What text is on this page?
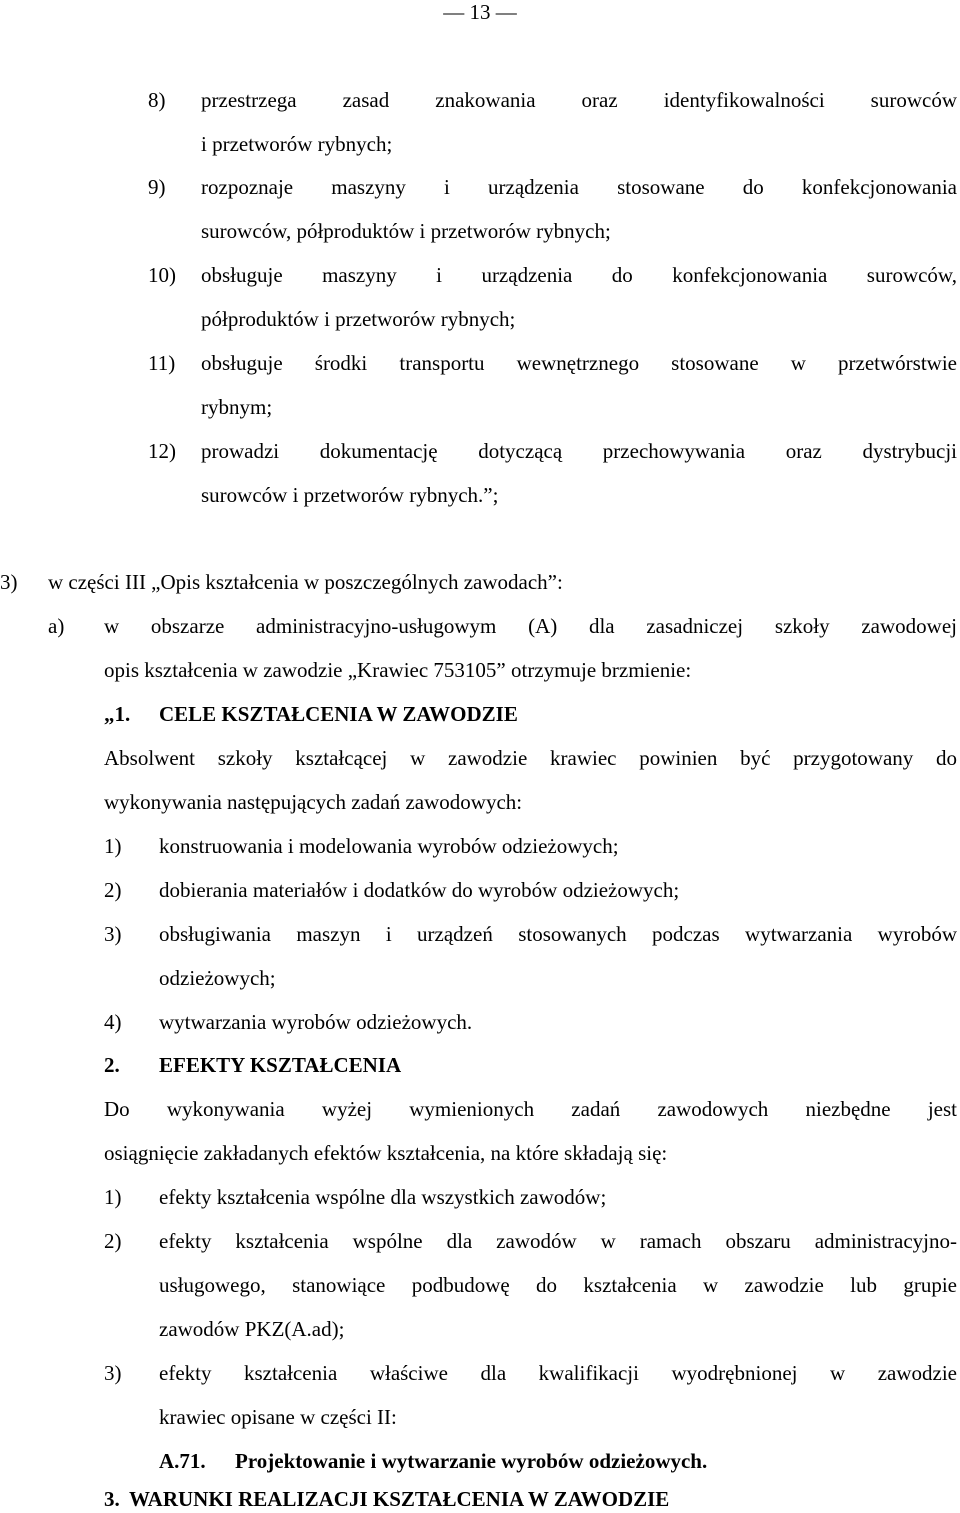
— 13 —
8) przestrzega zasad znakowania oraz identyfikowalności surowców
i przetworów rybnych;
9) rozpoznaje maszyny i urządzenia stosowane do konfekcjonowania
surowców, półproduktów i przetworów rybnych;
10) obsługuje maszyny i urządzenia do konfekcjonowania surowców,
półproduktów i przetworów rybnych;
11) obsługuje środki transportu wewnętrznego stosowane w przetwórstwie
rybnym;
12) prowadzi dokumentację dotyczącą przechowywania oraz dystrybucji
surowców i przetworów rybnych.”;
3) w części III „Opis kształcenia w poszczególnych zawodach”:
a) w obszarze administracyjno-usługowym (A) dla zasadniczej szkoły zawodowej
opis kształcenia w zawodzie „Krawiec 753105” otrzymuje brzmienie:
„1. CELE KSZTAŁCENIA W ZAWODZIE
Absolwent szkoły kształcącej w zawodzie krawiec powinien być przygotowany do
wykonywania następujących zadań zawodowych:
1) konstruowania i modelowania wyrobów odzieżowych;
2) dobierania materiałów i dodatków do wyrobów odzieżowych;
3) obsługiwania maszyn i urządzeń stosowanych podczas wytwarzania wyrobów
odzieżowych;
4) wytwarzania wyrobów odzieżowych.
2. EFEKTY KSZTAŁCENIA
Do wykonywania wyżej wymienionych zadań zawodowych niezbędne jest
osiągnięcie zakładanych efektów kształcenia, na które składają się:
1) efekty kształcenia wspólne dla wszystkich zawodów;
2) efekty kształcenia wspólne dla zawodów w ramach obszaru administracyjno-
usługowego, stanowiące podbudowę do kształcenia w zawodzie lub grupie
zawodów PKZ(A.ad);
3) efekty kształcenia właściwe dla kwalifikacji wyodrębnionej w zawodzie
krawiec opisane w części II:
A.71. Projektowanie i wytwarzanie wyrobów odzieżowych.
3. WARUNKI REALIZACJI KSZTAŁCENIA W ZAWODZIE
